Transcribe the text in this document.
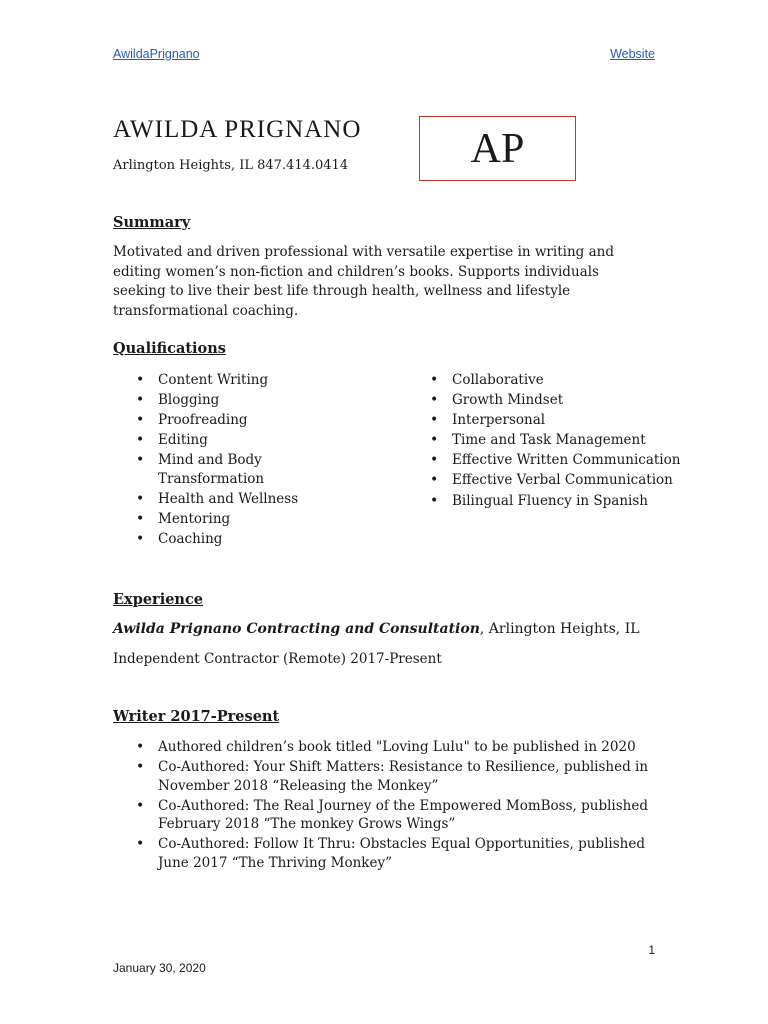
AwildaPrignano	Website
AWILDA PRIGNANO

Arlington Heights, IL 847.414.0414	AP
Summary

Motivated and driven professional with versatile expertise in writing and editing women’s non-fiction and children’s books. Supports individuals seeking to live their best life through health, wellness and lifestyle transformational coaching.

Qualifications
• Content Writing
• Blogging
• Proofreading
• Editing
• Mind and Body Transformation
• Health and Wellness
• Mentoring
• Coaching
• Collaborative
• Growth Mindset
• Interpersonal
• Time and Task Management
• Effective Written Communication
• Effective Verbal Communication
• Bilingual Fluency in Spanish
Experience

Awilda Prignano Contracting and Consultation, Arlington Heights, IL

Independent Contractor (Remote) 2017-Present

Writer 2017-Present
• Authored children’s book titled "Loving Lulu" to be published in 2020
• Co-Authored: Your Shift Matters: Resistance to Resilience, published in November 2018 “Releasing the Monkey”
• Co-Authored: The Real Journey of the Empowered MomBoss, published February 2018 “The monkey Grows Wings”
• Co-Authored: Follow It Thru: Obstacles Equal Opportunities, published June 2017 “The Thriving Monkey”
1
January 30, 2020
